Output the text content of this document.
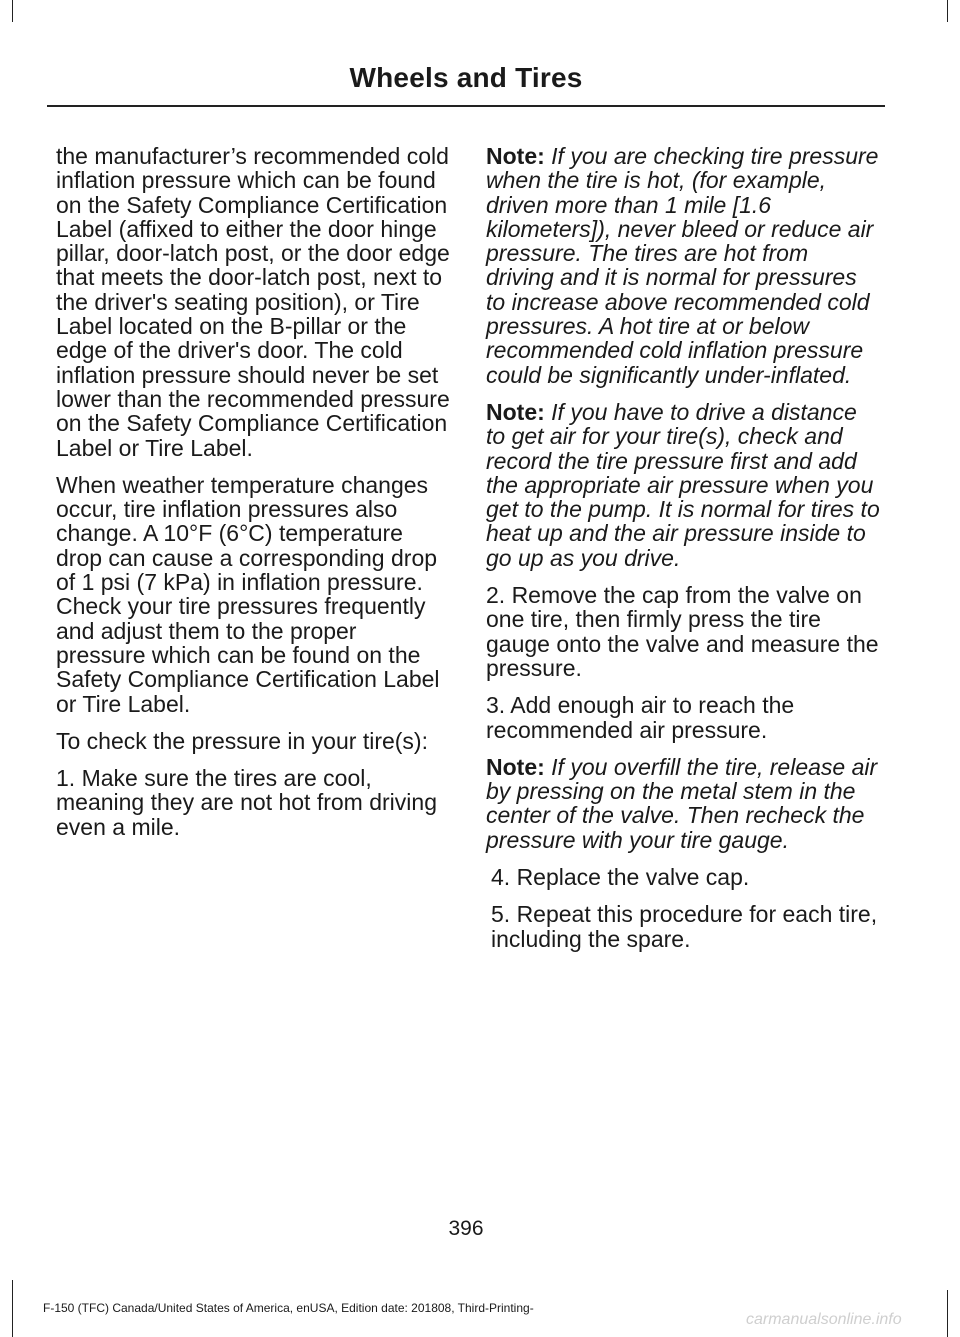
Wheels and Tires

the manufacturer’s recommended cold inflation pressure which can be found on the Safety Compliance Certification Label (affixed to either the door hinge pillar, door-latch post, or the door edge that meets the door-latch post, next to the driver's seating position), or Tire Label located on the B-pillar or the edge of the driver's door. The cold inflation pressure should never be set lower than the recommended pressure on the Safety Compliance Certification Label or Tire Label.

When weather temperature changes occur, tire inflation pressures also change. A 10°F (6°C) temperature drop can cause a corresponding drop of 1 psi (7 kPa) in inflation pressure. Check your tire pressures frequently and adjust them to the proper pressure which can be found on the Safety Compliance Certification Label or Tire Label.

To check the pressure in your tire(s):

1. Make sure the tires are cool, meaning they are not hot from driving even a mile.

Note: If you are checking tire pressure when the tire is hot, (for example, driven more than 1 mile [1.6 kilometers]), never bleed or reduce air pressure. The tires are hot from driving and it is normal for pressures to increase above recommended cold pressures. A hot tire at or below recommended cold inflation pressure could be significantly under-inflated.

Note: If you have to drive a distance to get air for your tire(s), check and record the tire pressure first and add the appropriate air pressure when you get to the pump. It is normal for tires to heat up and the air pressure inside to go up as you drive.

2. Remove the cap from the valve on one tire, then firmly press the tire gauge onto the valve and measure the pressure.

3. Add enough air to reach the recommended air pressure.

Note: If you overfill the tire, release air by pressing on the metal stem in the center of the valve. Then recheck the pressure with your tire gauge.

4. Replace the valve cap.

5. Repeat this procedure for each tire, including the spare.

396
F-150 (TFC) Canada/United States of America, enUSA, Edition date: 201808, Third-Printing-
carmanualsonline.info
